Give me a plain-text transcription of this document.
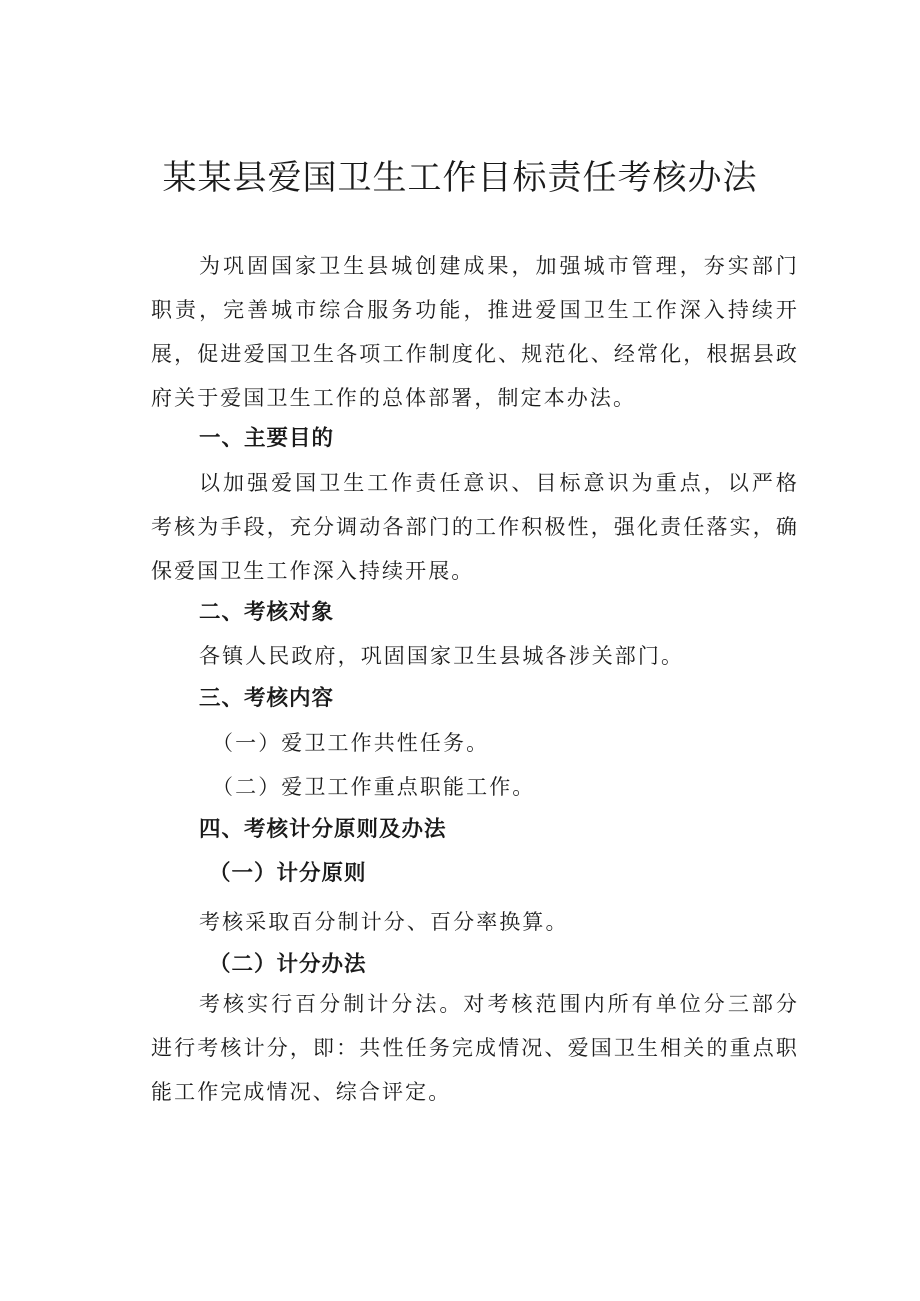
某某县爱国卫生工作目标责任考核办法

为巩固国家卫生县城创建成果，加强城市管理，夯实部门职责，完善城市综合服务功能，推进爱国卫生工作深入持续开展，促进爱国卫生各项工作制度化、规范化、经常化，根据县政府关于爱国卫生工作的总体部署，制定本办法。

一、主要目的

以加强爱国卫生工作责任意识、目标意识为重点，以严格考核为手段，充分调动各部门的工作积极性，强化责任落实，确保爱国卫生工作深入持续开展。

二、考核对象
各镇人民政府，巩固国家卫生县城各涉关部门。
三、考核内容
（一）爱卫工作共性任务。
（二）爱卫工作重点职能工作。
四、考核计分原则及办法
（一）计分原则
考核采取百分制计分、百分率换算。
（二）计分办法

考核实行百分制计分法。对考核范围内所有单位分三部分进行考核计分，即：共性任务完成情况、爱国卫生相关的重点职能工作完成情况、综合评定。
